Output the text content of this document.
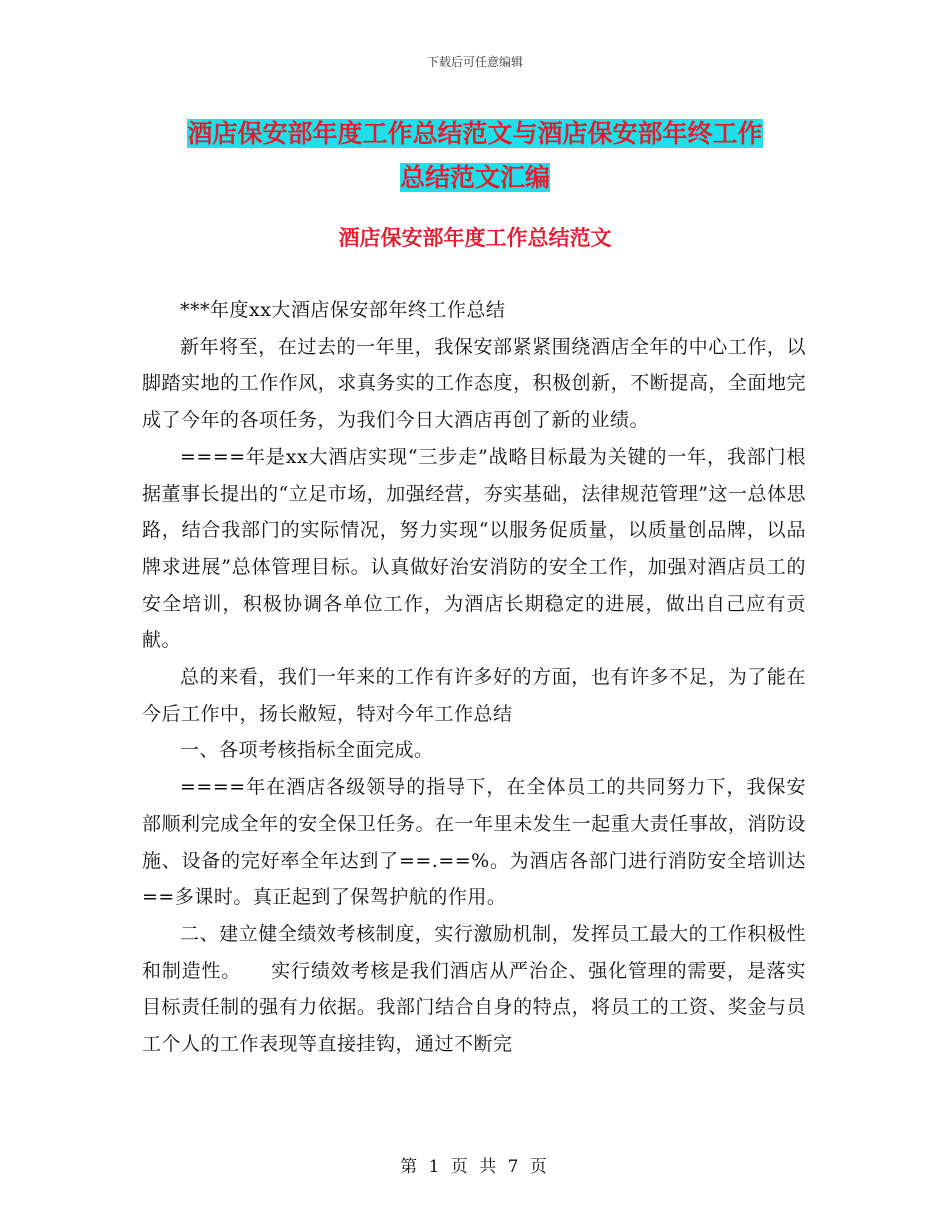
下载后可任意编辑
酒店保安部年度工作总结范文与酒店保安部年终工作
总结范文汇编
酒店保安部年度工作总结范文

***年度xx大酒店保安部年终工作总结

新年将至，在过去的一年里，我保安部紧紧围绕酒店全年的中心工作，以脚踏实地的工作作风，求真务实的工作态度，积极创新，不断提高，全面地完成了今年的各项任务，为我们今日大酒店再创了新的业绩。

====年是xx大酒店实现“三步走”战略目标最为关键的一年，我部门根据董事长提出的“立足市场，加强经营，夯实基础，法律规范管理”这一总体思路，结合我部门的实际情况，努力实现“以服务促质量，以质量创品牌，以品牌求进展”总体管理目标。认真做好治安消防的安全工作，加强对酒店员工的安全培训，积极协调各单位工作，为酒店长期稳定的进展，做出自己应有贡献。

总的来看，我们一年来的工作有许多好的方面，也有许多不足，为了能在今后工作中，扬长敝短，特对今年工作总结

一、各项考核指标全面完成。

====年在酒店各级领导的指导下，在全体员工的共同努力下，我保安部顺利完成全年的安全保卫任务。在一年里未发生一起重大责任事故，消防设施、设备的完好率全年达到了==.==%。为酒店各部门进行消防安全培训达==多课时。真正起到了保驾护航的作用。

二、建立健全绩效考核制度，实行激励机制，发挥员工最大的工作积极性和制造性。　　实行绩效考核是我们酒店从严治企、强化管理的需要，是落实目标责任制的强有力依据。我部门结合自身的特点，将员工的工资、奖金与员工个人的工作表现等直接挂钩，通过不断完

第 1 页 共 7 页
